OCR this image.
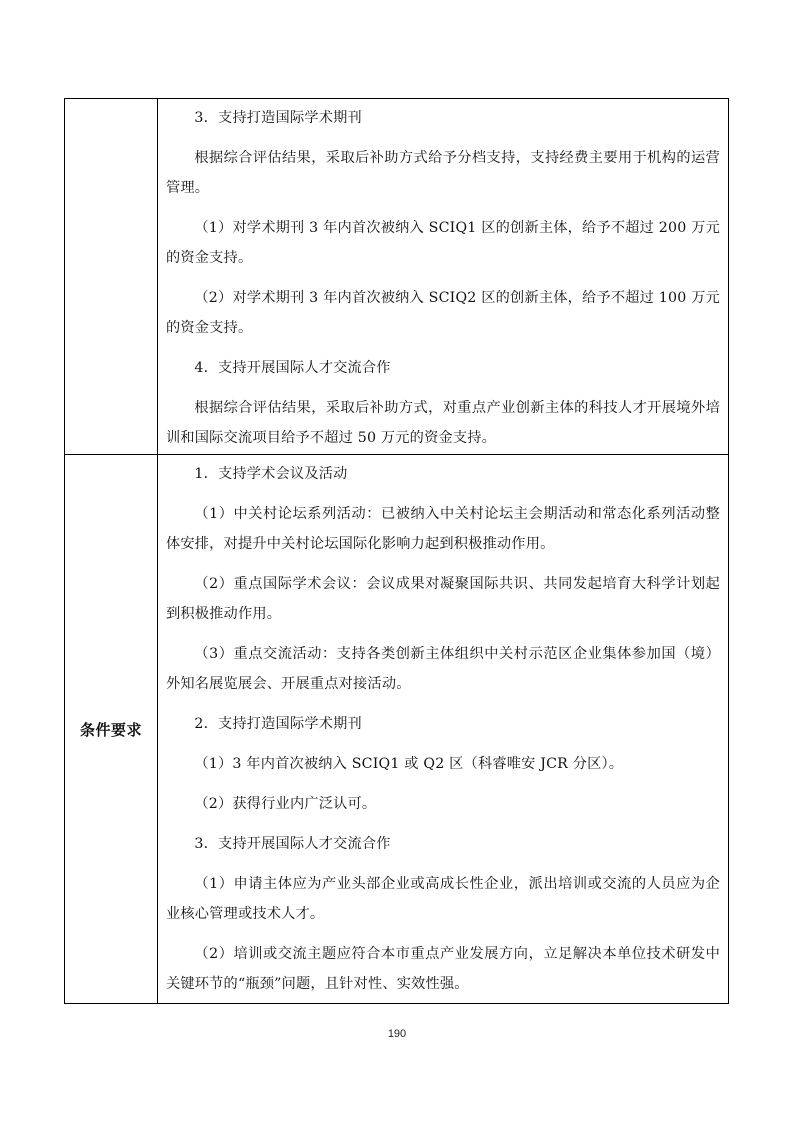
3．支持打造国际学术期刊

根据综合评估结果，采取后补助方式给予分档支持，支持经费主要用于机构的运营管理。

（1）对学术期刊 3 年内首次被纳入 SCIQ1 区的创新主体，给予不超过 200 万元的资金支持。

（2）对学术期刊 3 年内首次被纳入 SCIQ2 区的创新主体，给予不超过 100 万元的资金支持。

4．支持开展国际人才交流合作

根据综合评估结果，采取后补助方式，对重点产业创新主体的科技人才开展境外培训和国际交流项目给予不超过 50 万元的资金支持。

条件要求

1．支持学术会议及活动

（1）中关村论坛系列活动：已被纳入中关村论坛主会期活动和常态化系列活动整体安排，对提升中关村论坛国际化影响力起到积极推动作用。

（2）重点国际学术会议：会议成果对凝聚国际共识、共同发起培育大科学计划起到积极推动作用。

（3）重点交流活动：支持各类创新主体组织中关村示范区企业集体参加国（境）外知名展览展会、开展重点对接活动。

2．支持打造国际学术期刊

（1）3 年内首次被纳入 SCIQ1 或 Q2 区（科睿唯安 JCR 分区）。

（2）获得行业内广泛认可。

3．支持开展国际人才交流合作

（1）申请主体应为产业头部企业或高成长性企业，派出培训或交流的人员应为企业核心管理或技术人才。

（2）培训或交流主题应符合本市重点产业发展方向，立足解决本单位技术研发中关键环节的“瓶颈”问题，且针对性、实效性强。

190
